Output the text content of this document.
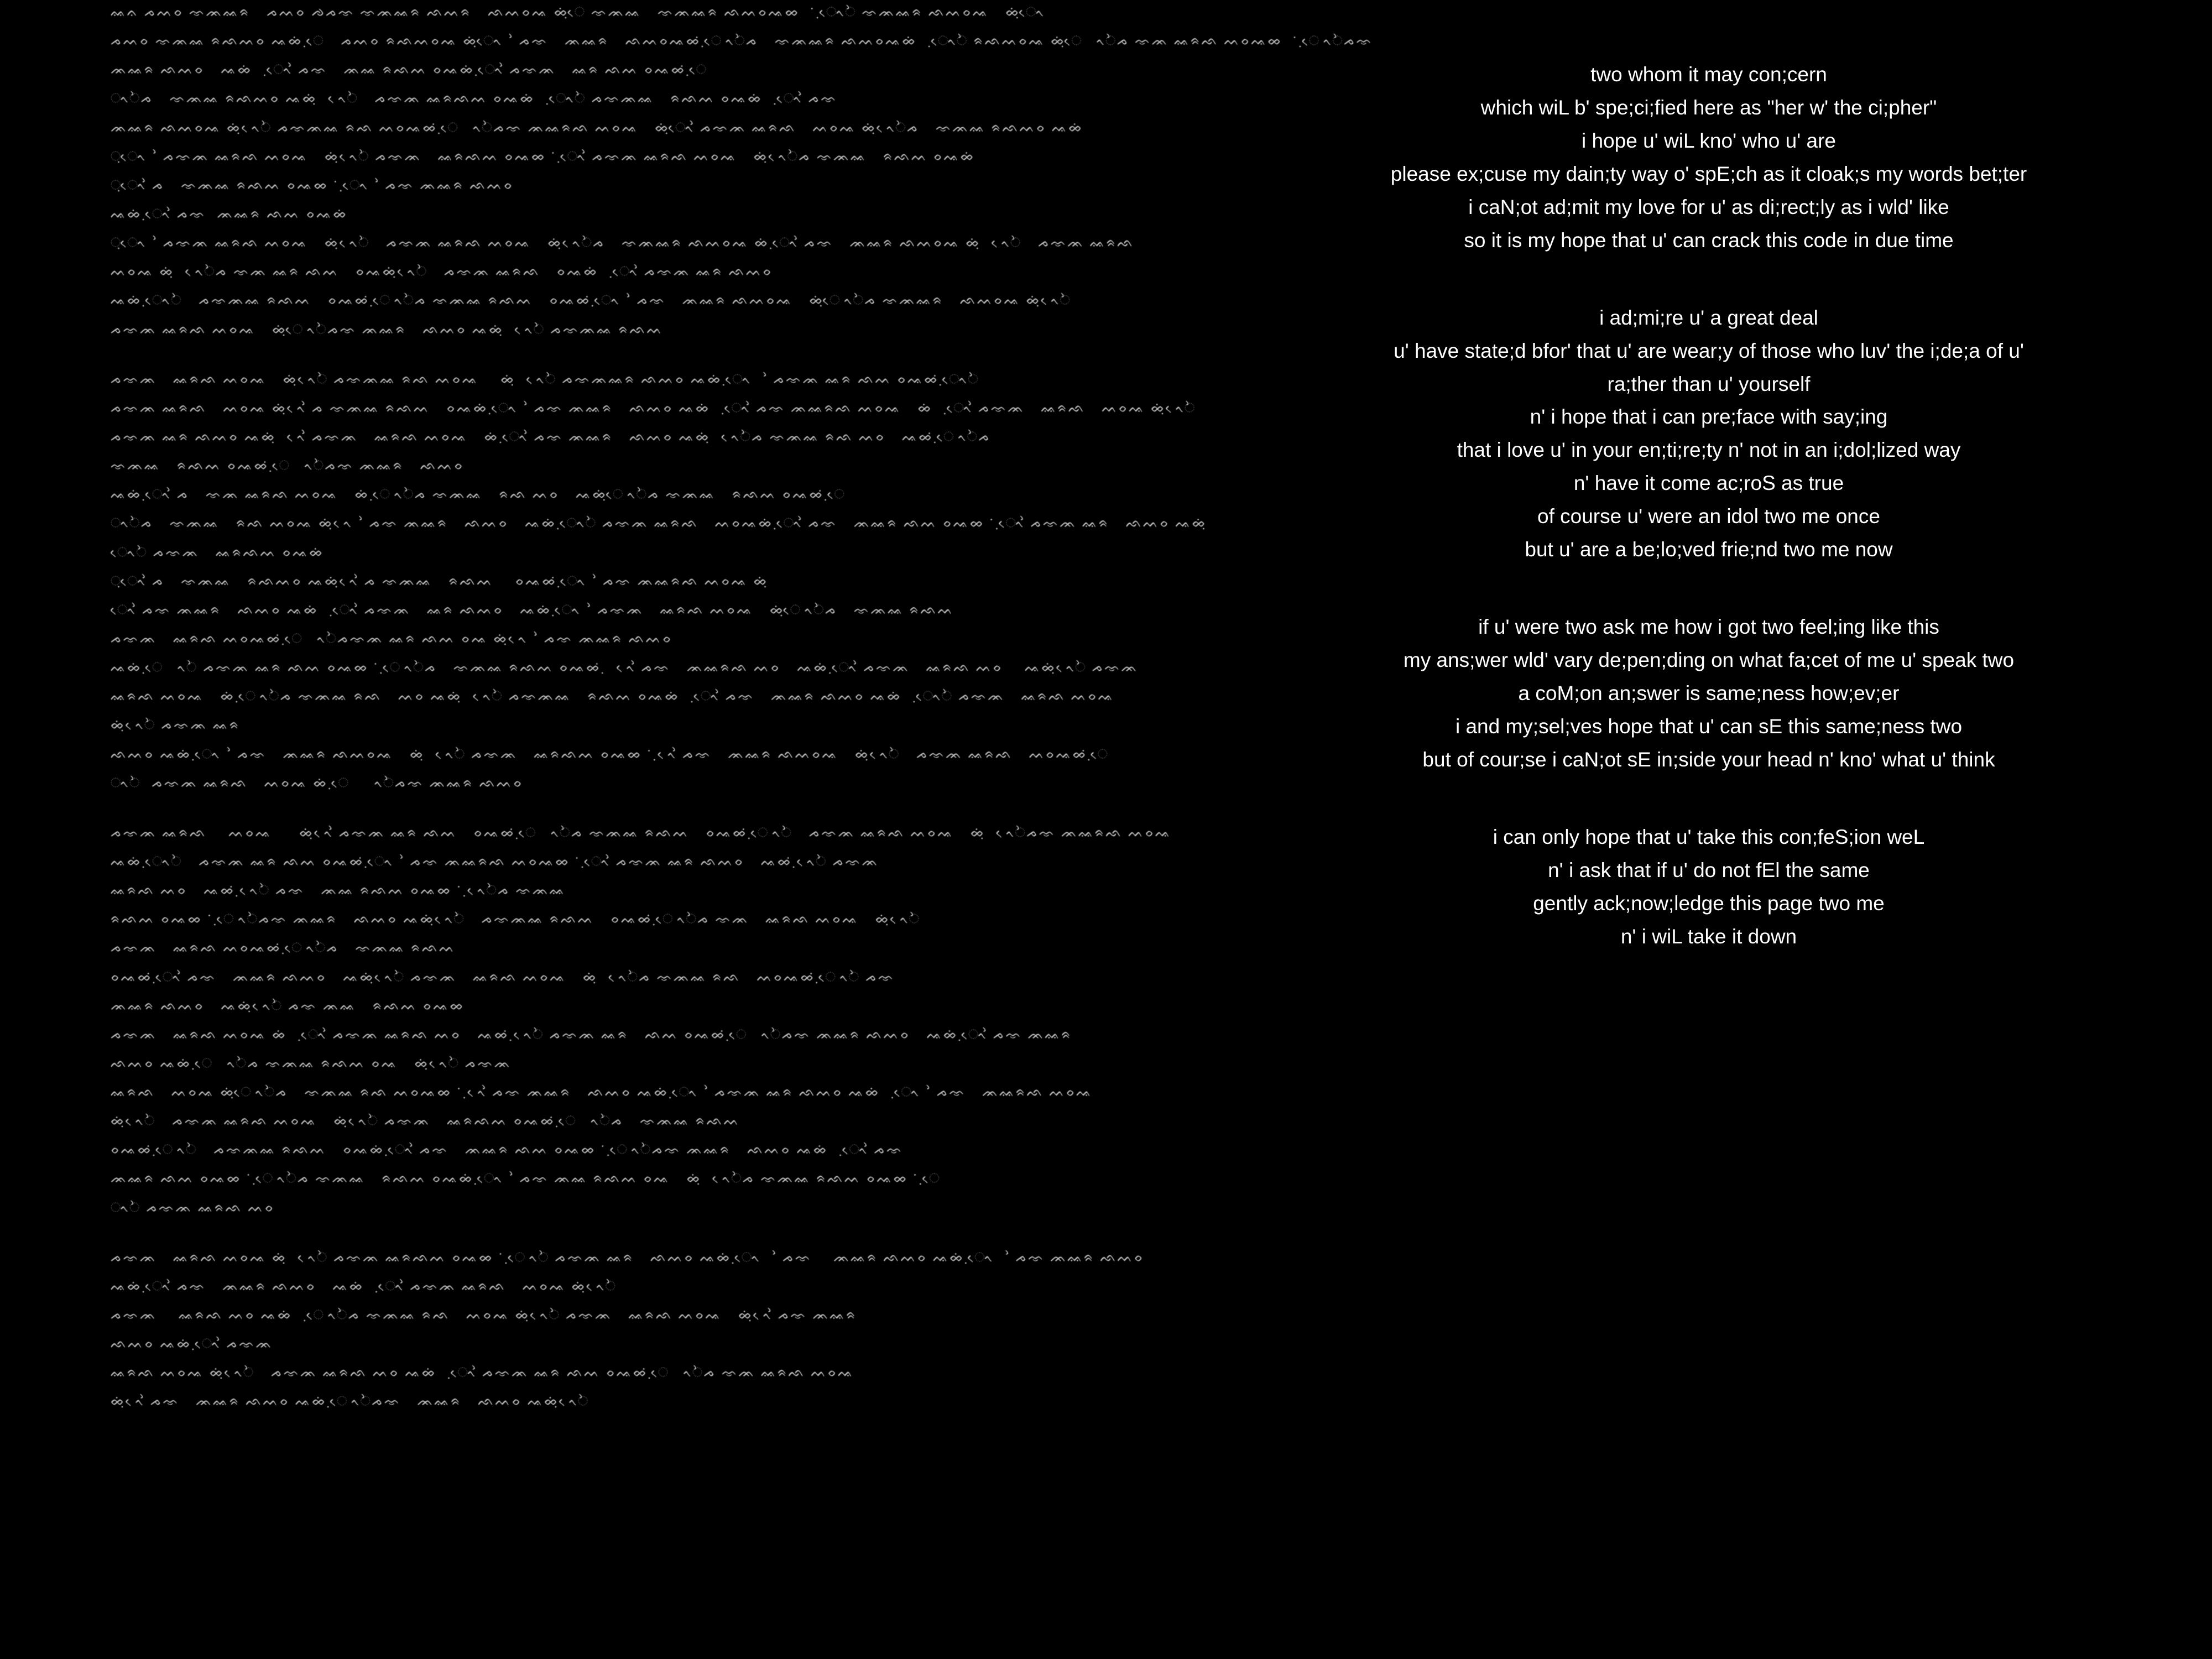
ᨐᨊ ᨍᨓᨔ ᨎᨏᨐᨑ   ᨍᨓᨔ ᨌᨍᨎ ᨎᨏᨐᨑ ᨒᨓᨑ   ᨒᨓᨔᨕ ᨖᨘᨗᨙ ᨎᨏᨐ   ᨎᨏᨐᨑ ᨒᨓᨔᨕᨖ    ᨘᨗᨙᨚᨛ ᨎᨏᨐᨑ ᨒᨓᨔᨕ   ᨖᨘᨗᨙᨚ
ᨍᨓᨔ ᨎᨏᨐ ᨑᨒᨓᨔ ᨕᨖᨗ ᨘᨙ   ᨍᨓᨔ ᨑᨒᨓᨔᨕ ᨖᨘᨗᨙᨚ   ᨛᨍᨎ   ᨏᨐᨑ   ᨒᨓᨔᨕᨖ ᨘᨗᨙ ᨚᨛᨍ   ᨎᨏᨐᨑ ᨒᨓᨔᨕᨖᨗ   ᨘᨙᨚᨛ ᨑᨒᨓᨔᨕ ᨖᨘᨗᨙ   ᨚᨛᨍ ᨎᨏ ᨐᨑᨒ ᨓᨔᨕᨖ    ᨘᨗᨙ ᨚᨛᨍᨎ
ᨏᨐᨑ ᨒᨓᨔ   ᨕᨖᨗ   ᨘᨙᨚ ᨛᨍᨎ   ᨏᨐ ᨑᨒᨓ ᨔᨕᨖᨗ ᨘᨙᨚ ᨛᨍᨎᨏ   ᨐᨑ ᨒᨓ ᨔᨕᨖ ᨘᨗᨙ
ᨚᨛᨍ   ᨎᨏᨐ ᨑᨒᨓᨔ ᨕᨖᨘᨗ   ᨙᨚᨛ   ᨍᨎᨏ ᨐᨑᨒᨓ ᨔᨕᨖᨗ   ᨘᨙᨚᨛ ᨍᨎᨏᨐ   ᨑᨒᨓ ᨔᨕᨖᨗ   ᨘᨙᨚ ᨛᨍᨎ
ᨏᨐᨑ ᨒᨓᨔᨕ ᨖᨘᨗ ᨙᨚᨛ ᨍᨎᨏᨐ ᨑᨒ ᨓᨔᨕᨖ ᨘᨗᨙ   ᨚᨛᨍᨎ ᨏᨐᨑᨒ ᨓᨔᨕ   ᨖᨘᨗᨙᨚ ᨛᨍᨎᨏ ᨐᨑᨒ   ᨓᨔᨕ ᨖᨘᨗ ᨙᨚᨛᨍ   ᨎᨏᨐ ᨑᨒᨓᨔ ᨕᨖᨗ
ᨘᨙᨚ   ᨛᨍᨎᨏ ᨐᨑᨒ ᨓᨔᨕ   ᨖᨘᨗ ᨙᨚᨛ ᨍᨎᨏ   ᨐᨑᨒᨓ ᨔᨕᨖ   ᨘᨗᨙᨚ ᨛᨍᨎᨏ ᨐᨑᨒ ᨓᨔᨕ   ᨖᨘᨗ ᨙᨚᨛᨍ ᨎᨏᨐ   ᨑᨒᨓ ᨔᨕᨖᨗ
ᨘᨙᨚ ᨛᨍ   ᨎᨏᨐ ᨑᨒᨓ ᨔᨕᨖ   ᨘᨗᨙᨚ   ᨛᨍᨎ ᨏᨐᨑ ᨒᨓᨔ
ᨕᨖᨗ ᨘᨙᨚ ᨛᨍᨎ  ᨏᨐᨑ ᨒᨓ ᨔᨕᨖᨗ
ᨘᨙᨚ   ᨛᨍᨎᨏ ᨐᨑᨒ ᨓᨔᨕ   ᨖᨘᨗ ᨙᨚᨛ   ᨍᨎᨏ ᨐᨑᨒ ᨓᨔᨕ   ᨖᨘᨗ ᨙᨚᨛᨍ   ᨎᨏᨐᨑ ᨒᨓᨔᨕ ᨖᨗ ᨘᨙᨚ ᨛᨍᨎ   ᨏᨐᨑ ᨒᨓᨔᨕ ᨖᨘᨗ   ᨙᨚᨛ   ᨍᨎᨏ ᨐᨑᨒ
ᨓᨔᨕ ᨖᨘᨗ   ᨙᨚᨛᨍ ᨎᨏ ᨐᨑ ᨒᨓ   ᨔᨕᨖᨘᨗ ᨙᨚᨛ   ᨍᨎᨏ ᨐᨑᨒ   ᨔᨕᨖᨗ   ᨘᨙᨚ ᨛᨍᨎᨏ ᨐᨑ ᨒᨓᨔ
ᨕᨖᨗ ᨘᨙᨚᨛ   ᨍᨎᨏᨐ ᨑᨒᨓ   ᨔᨕᨖ ᨘᨗᨙ ᨚᨛᨍ ᨎᨏᨐ ᨑᨒᨓ   ᨔᨕᨖ ᨘᨗᨙᨚ   ᨛᨍᨎ   ᨏᨐᨑ ᨒᨓᨔᨕ   ᨖᨘᨗᨙ ᨚᨛᨍ ᨎᨏᨐᨑ   ᨒᨓᨔᨕ ᨖᨘᨗ ᨙᨚᨛ
ᨍᨎᨏ ᨐᨑᨒ ᨓᨔᨕ   ᨖᨘᨗᨙ ᨚᨛᨍᨎ ᨏᨐᨑ   ᨒᨓᨔ ᨕᨖᨘᨗ   ᨙᨚᨛ ᨍᨎᨏᨐ ᨑᨒᨓ
ᨍᨎᨏ   ᨐᨑᨒ ᨓᨔᨕ   ᨖᨘᨗ ᨙᨚᨛ ᨍᨎᨏᨐ ᨑᨒ ᨓᨔᨕ    ᨖᨘᨗ   ᨙᨚᨛ ᨍᨎᨏᨐᨑ ᨒᨓᨔ ᨕᨖᨗ ᨘᨙᨚ    ᨛᨍᨎᨏ ᨐᨑ ᨒᨓ ᨔᨕᨖ ᨘᨗᨙᨚᨛ
ᨍᨎᨏ ᨐᨑᨒ   ᨓᨔᨕ ᨖᨘᨗ ᨙᨚ ᨛᨍ ᨎᨏᨐ ᨑᨒᨓ   ᨔᨕᨖᨗ ᨘᨙᨚ   ᨛᨍᨎ ᨏᨐᨑ   ᨒᨓᨔ ᨕᨖᨗ   ᨘᨙᨚ ᨛᨍᨎ ᨏᨐᨑᨒ ᨓᨔᨕ   ᨖᨗ   ᨘᨙᨚ ᨛᨍᨎᨏ   ᨐᨑᨒ   ᨓᨔᨕ ᨖᨘᨗ ᨙᨚᨛ
ᨍᨎᨏ ᨐᨑ ᨒᨓᨔ ᨕᨖᨘᨗ   ᨙᨚ ᨛᨍᨎᨏ   ᨐᨑᨒ ᨓᨔᨕ   ᨖᨗ ᨘᨙᨚ ᨛᨍᨎ ᨏᨐᨑ   ᨒᨓᨔ ᨕᨖᨘᨗ   ᨙᨚᨛᨍ ᨎᨏᨐ ᨑᨒ ᨓᨔ   ᨕᨖ ᨘᨗᨙ ᨚᨛᨍ
ᨎᨏᨐ   ᨑᨒᨓ ᨔᨕᨖ ᨘᨗᨙ   ᨚᨛᨍᨎ ᨏᨐᨑ   ᨒᨓᨔ
ᨕᨖᨗ ᨘᨙᨚ ᨛᨍ   ᨎᨏ ᨐᨑᨒ ᨓᨔᨕ   ᨖᨗ ᨘᨙ ᨚᨛᨍ ᨎᨏᨐ   ᨑᨒ ᨓᨔ   ᨕᨖᨘᨗᨙ ᨚᨛᨍ ᨎᨏᨐ   ᨑᨒᨓ ᨔᨕᨖ ᨘᨗᨙ
ᨚᨛᨍ   ᨎᨏᨐ   ᨑᨒ ᨓᨔᨕ ᨖᨘᨗ ᨙᨚ   ᨛᨍᨎ ᨏᨐᨑ   ᨒᨓᨔ   ᨕᨖᨗ ᨘᨙᨚᨛ ᨍᨎᨏ ᨐᨑᨒ   ᨓᨔᨕᨖᨗ ᨘᨙᨚ ᨛᨍᨎ   ᨏᨐᨑ ᨒᨓ ᨔᨕᨖ   ᨘᨗᨙᨚ ᨛᨍᨎᨏ ᨐᨑ   ᨒᨓᨔ ᨕᨖᨘᨗ
ᨙᨚᨛ ᨍᨎᨏ   ᨐᨑᨒᨓ ᨔᨕᨖᨗ
ᨘᨙᨚ ᨛᨍ   ᨎᨏᨐ   ᨑᨒᨓᨔ ᨕᨖᨘᨗ ᨙᨚ ᨛᨍ ᨎᨏᨐ   ᨑᨒᨓ    ᨔᨕᨖ ᨘᨗᨙᨚ   ᨛᨍᨎ ᨏᨐᨑᨒ ᨓᨔᨕ ᨖᨘᨗ
ᨙᨚ ᨛᨍᨎ ᨏᨐᨑ   ᨒᨓᨔ ᨕᨖᨗ   ᨘᨙᨚ ᨛᨍᨎᨏ   ᨐᨑ ᨒᨓᨔ   ᨕᨖᨗ ᨘᨙᨚ   ᨛᨍᨎᨏ   ᨐᨑᨒ ᨓᨔᨕ   ᨖᨘᨗᨙ ᨚᨛᨍ   ᨎᨏᨐ ᨑᨒᨓ
ᨍᨎᨏ   ᨐᨑᨒ ᨓᨔᨕᨖ ᨘᨗᨙ   ᨚᨛᨍᨎᨏ ᨐᨑ ᨒᨓ ᨔᨕ ᨖᨘᨗ ᨙᨚ   ᨛᨍᨎ ᨏᨐᨑ ᨒᨓᨔ
ᨕᨖᨗ ᨘᨙ   ᨚᨛ ᨍᨎᨏ ᨐᨑ ᨒᨓ ᨔᨕᨖ   ᨘᨗᨙ ᨚᨛᨍ   ᨎᨏᨐ ᨑᨒᨓ ᨔᨕᨖ ᨘᨗ   ᨙᨚ ᨛᨍᨎ   ᨏᨐᨑᨒ ᨓᨔ   ᨕᨖᨗ ᨘᨙᨚ ᨛᨍᨎᨏ   ᨐᨑᨒ ᨓᨔ    ᨕᨖᨘᨗ ᨙᨚᨛ ᨍᨎᨏ
ᨐᨑᨒ ᨓᨔᨕ   ᨖᨗ ᨘᨙ ᨚᨛᨍ ᨎᨏᨐ ᨑᨒ   ᨓᨔ ᨕᨖᨘᨗ   ᨙᨚᨛ ᨍᨎᨏᨐ   ᨑᨒᨓ ᨔᨕᨖᨗ   ᨘᨙᨚ ᨛᨍᨎ   ᨏᨐᨑ ᨒᨓᨔ ᨕᨖᨗ   ᨘᨙᨚᨛ ᨍᨎᨏ   ᨐᨑᨒ ᨓᨔᨕ
ᨖᨘᨗ ᨙᨚᨛ ᨍᨎᨏ ᨐᨑ
ᨒᨓᨔ ᨕᨖᨗ ᨘᨙᨚ   ᨛᨍᨎ   ᨏᨐᨑ ᨒᨓᨔᨕ   ᨖᨘᨗ   ᨙᨚᨛ ᨍᨎᨏ   ᨐᨑᨒᨓ ᨔᨕᨖ   ᨘᨗ ᨙᨚ ᨛᨍᨎ   ᨏᨐᨑ ᨒᨓᨔᨕ   ᨖᨘᨗ ᨙᨚᨛ   ᨍᨎᨏ ᨐᨑᨒ   ᨓᨔᨕᨖ ᨘᨗᨙ
ᨚᨛ  ᨍᨎᨏ ᨐᨑᨒ   ᨓᨔᨕ ᨖᨗ ᨘᨙ     ᨚᨛᨍᨎ ᨏᨐᨑ ᨒᨓᨔ
ᨍᨎᨏ ᨐᨑᨒ    ᨓᨔᨕ     ᨖᨘᨗ ᨙᨚ ᨛᨍᨎᨏ ᨐᨑ ᨒᨓ   ᨔᨕᨖ ᨘᨗᨙ   ᨚᨛᨍ ᨎᨏᨐ ᨑᨒᨓ   ᨔᨕᨖ ᨘᨗᨙ ᨚᨛ   ᨍᨎᨏ ᨐᨑᨒ ᨓᨔᨕ   ᨖᨘᨗ   ᨙᨚᨛᨍᨎ ᨏᨐᨑᨒ ᨓᨔᨕ
ᨕᨖᨗ ᨘᨙᨚᨛ   ᨍᨎᨏ ᨐᨑ ᨒᨓ ᨔᨕᨖ ᨘᨗᨙᨚ   ᨛᨍᨎ ᨏᨐᨑᨒ ᨓᨔᨕᨖ   ᨘᨗᨙᨚ ᨛᨍᨎᨏ ᨐᨑ ᨒᨓᨔ   ᨕᨖ ᨘᨗ ᨙᨚᨛ ᨍᨎᨏ
ᨐᨑᨒ ᨓᨔ   ᨕᨖ ᨘᨗ ᨙᨚᨛ ᨍᨎ   ᨏᨐ ᨑᨒᨓ ᨔᨕᨖ   ᨘᨗ ᨙᨚᨛᨍ ᨎᨏᨐ
ᨑᨒᨓ ᨔᨕᨖ   ᨘᨗᨙ ᨚᨛᨍᨎ ᨏᨐᨑ   ᨒᨓᨔ ᨕᨖᨘᨗ ᨙᨚᨛ   ᨍᨎᨏᨐ ᨑᨒᨓ   ᨔᨕᨖ ᨘᨗᨙ ᨚᨛᨍ ᨎᨏ   ᨐᨑᨒ ᨓᨔᨕ   ᨖᨘᨗ ᨙᨚᨛ
ᨍᨎᨏ   ᨐᨑᨒ ᨓᨔᨕᨖ ᨘᨗᨙ ᨚᨛᨍ   ᨎᨏᨐ ᨑᨒᨓ
ᨔᨕᨖ ᨘᨗᨙᨚ ᨛᨍᨎ   ᨏᨐᨑ ᨒᨓᨔ   ᨕᨖᨘᨗ ᨙᨚᨛ ᨍᨎᨏ   ᨐᨑᨒ ᨓᨔᨕ   ᨖᨘᨗ   ᨙᨚᨛᨍ ᨎᨏᨐ ᨑᨒ   ᨓᨔᨕᨖ ᨘᨗᨙ ᨚᨛ ᨍᨎ
ᨏᨐᨑ ᨒᨓᨔ   ᨕᨖᨘᨗ ᨙᨚᨛ ᨍᨎ ᨏᨐ   ᨑᨒᨓ ᨔᨕᨖ
ᨍᨎᨏ   ᨐᨑᨒ ᨓᨔᨕ ᨖᨗ   ᨘᨙᨚ ᨛᨍᨎᨏ ᨐᨑᨒ ᨓᨔ   ᨕᨖ ᨘᨗ ᨙᨚᨛ ᨍᨎᨏ ᨐᨑ   ᨒᨓ ᨔᨕᨖ ᨘᨗᨙ   ᨚᨛᨍᨎ ᨏᨐᨑ ᨒᨓᨔ   ᨕᨖᨗ ᨘᨙᨚ ᨛᨍᨎ ᨏᨐᨑ
ᨒᨓᨔ ᨕᨖᨗ ᨘᨙ   ᨚᨛᨍ ᨎᨏᨐ ᨑᨒᨓ ᨔᨕ   ᨖᨘᨗ ᨙᨚᨛ ᨍᨎᨏ
ᨐᨑᨒ   ᨓᨔᨕ ᨖᨘᨗᨙ ᨚᨛᨍ   ᨎᨏᨐ ᨑᨒ ᨓᨔᨕᨖ   ᨘᨗ ᨙᨚ ᨛᨍᨎ ᨏᨐᨑ   ᨒᨓᨔ ᨕᨖᨗ ᨘᨙᨚ   ᨛᨍᨎᨏ ᨐᨑ ᨒᨓᨔ ᨕᨖᨗ   ᨘᨙᨚ   ᨛᨍᨎ   ᨏᨐᨑᨒ ᨓᨔᨕ
ᨖᨘᨗ ᨙᨚᨛ   ᨍᨎᨏ ᨐᨑᨒ ᨓᨔᨕ   ᨖᨘᨗ ᨙᨚᨛ ᨍᨎᨏ   ᨐᨑᨒᨓ ᨔᨕᨖ ᨘᨗᨙ   ᨚᨛᨍ   ᨎᨏᨐ ᨑᨒᨓ
ᨔᨕᨖ ᨘᨗᨙ ᨚᨛ   ᨍᨎᨏᨐ ᨑᨒᨓ   ᨔᨕᨖᨗ ᨘᨙᨚ ᨛᨍᨎ   ᨏᨐᨑ ᨒᨓ ᨔᨕᨖ   ᨘᨗᨙ ᨚᨛᨍᨎ ᨏᨐᨑ   ᨒᨓᨔ ᨕᨖᨗ   ᨘᨙᨚ ᨛᨍᨎ
ᨏᨐᨑ ᨒᨓ ᨔᨕᨖ   ᨘᨗᨙ ᨚᨛᨍ ᨎᨏᨐ   ᨑᨒᨓ ᨔᨕᨖᨗ ᨘᨙᨚ   ᨛᨍᨎ ᨏᨐ ᨑᨒᨓ ᨔᨕ   ᨖᨘᨗ   ᨙᨚᨛᨍ ᨎᨏᨐ ᨑᨒᨓ ᨔᨕᨖ   ᨘᨗᨙ
ᨚᨛ ᨍᨎᨏ ᨐᨑᨒ ᨓᨔ
ᨍᨎᨏ   ᨐᨑᨒ ᨓᨔᨕ ᨖᨘᨗ   ᨙᨚᨛ ᨍᨎᨏ ᨐᨑᨒᨓ ᨔᨕᨖ   ᨘᨗᨙ ᨚᨛ ᨍᨎᨏ ᨐᨑ   ᨒᨓᨔ ᨕᨖᨗ ᨘᨙᨚ    ᨛᨍᨎ    ᨏᨐᨑ ᨒᨓᨔ ᨕᨖᨗ ᨘᨙᨚ    ᨛᨍᨎ ᨏᨐᨑ ᨒᨓᨔ
ᨕᨖᨗ ᨘᨙᨚ ᨛᨍᨎ   ᨏᨐᨑ ᨒᨓᨔ   ᨕᨖᨗ   ᨘᨙᨚ ᨛᨍᨎᨏ ᨐᨑᨒ   ᨓᨔᨕ ᨖᨘᨗ ᨙᨚᨛ
ᨍᨎᨏ    ᨐᨑᨒ ᨓᨔ ᨕᨖᨗ   ᨘᨙ ᨚᨛᨍ ᨎᨏᨐ ᨑᨒ   ᨓᨔᨕ ᨖᨘᨗ ᨙᨚᨛ ᨍᨎᨏ   ᨐᨑᨒ ᨓᨔᨕ   ᨖᨘᨗ ᨙᨚ ᨛᨍᨎ ᨏᨐᨑ
ᨒᨓᨔ ᨕᨖᨗ ᨘᨙᨚ ᨛᨍᨎᨏ
ᨐᨑᨒ ᨓᨔᨕ ᨖᨘᨗ ᨙᨚᨛ   ᨍᨎᨏ ᨐᨑᨒ ᨓᨔ ᨕᨖᨗ   ᨘᨙᨚ ᨛᨍᨎᨏ ᨐᨑ ᨒᨓ ᨔᨕᨖ ᨘᨗᨙ   ᨚᨛᨍ ᨎᨏ ᨐᨑᨒ ᨓᨔᨕ
ᨖᨘᨗ ᨙᨚ ᨛᨍᨎ   ᨏᨐᨑ ᨒᨓᨔ ᨕᨖᨗ ᨘᨙ ᨚᨛᨍᨎ   ᨏᨐᨑ   ᨒᨓᨔ ᨕᨖᨘᨗ ᨙᨚᨛ
two whom it may con;cern
which wiL b' spe;ci;fied here as "her w' the ci;pher"
i hope u' wiL kno' who u' are
please ex;cuse my dain;ty way o' spE;ch as it cloak;s my words bet;ter
i caN;ot ad;mit my love for u' as di;rect;ly as i wld' like
so it is my hope that u' can crack this code in due time
i ad;mi;re u' a great deal
u' have state;d bfor' that u' are wear;y of those who luv' the i;de;a of u'
ra;ther than u' yourself
n' i hope that i can pre;face with say;ing
that i love u' in your en;ti;re;ty n' not in an i;dol;lized way
n' have it come ac;roS as true
of course u' were an idol two me once
but u' are a be;lo;ved frie;nd two me now
if u' were two ask me how i got two feel;ing like this
my ans;wer wld' vary de;pen;ding on what fa;cet of me u' speak two
a coM;on an;swer is same;ness how;ev;er
i and my;sel;ves hope that u' can sE this same;ness two
but of cour;se i caN;ot sE in;side your head n' kno' what u' think
i can only hope that u' take this con;feS;ion weL
n' i ask that if u' do not fEl the same
gently ack;now;ledge this page two me
n' i wiL take it down
